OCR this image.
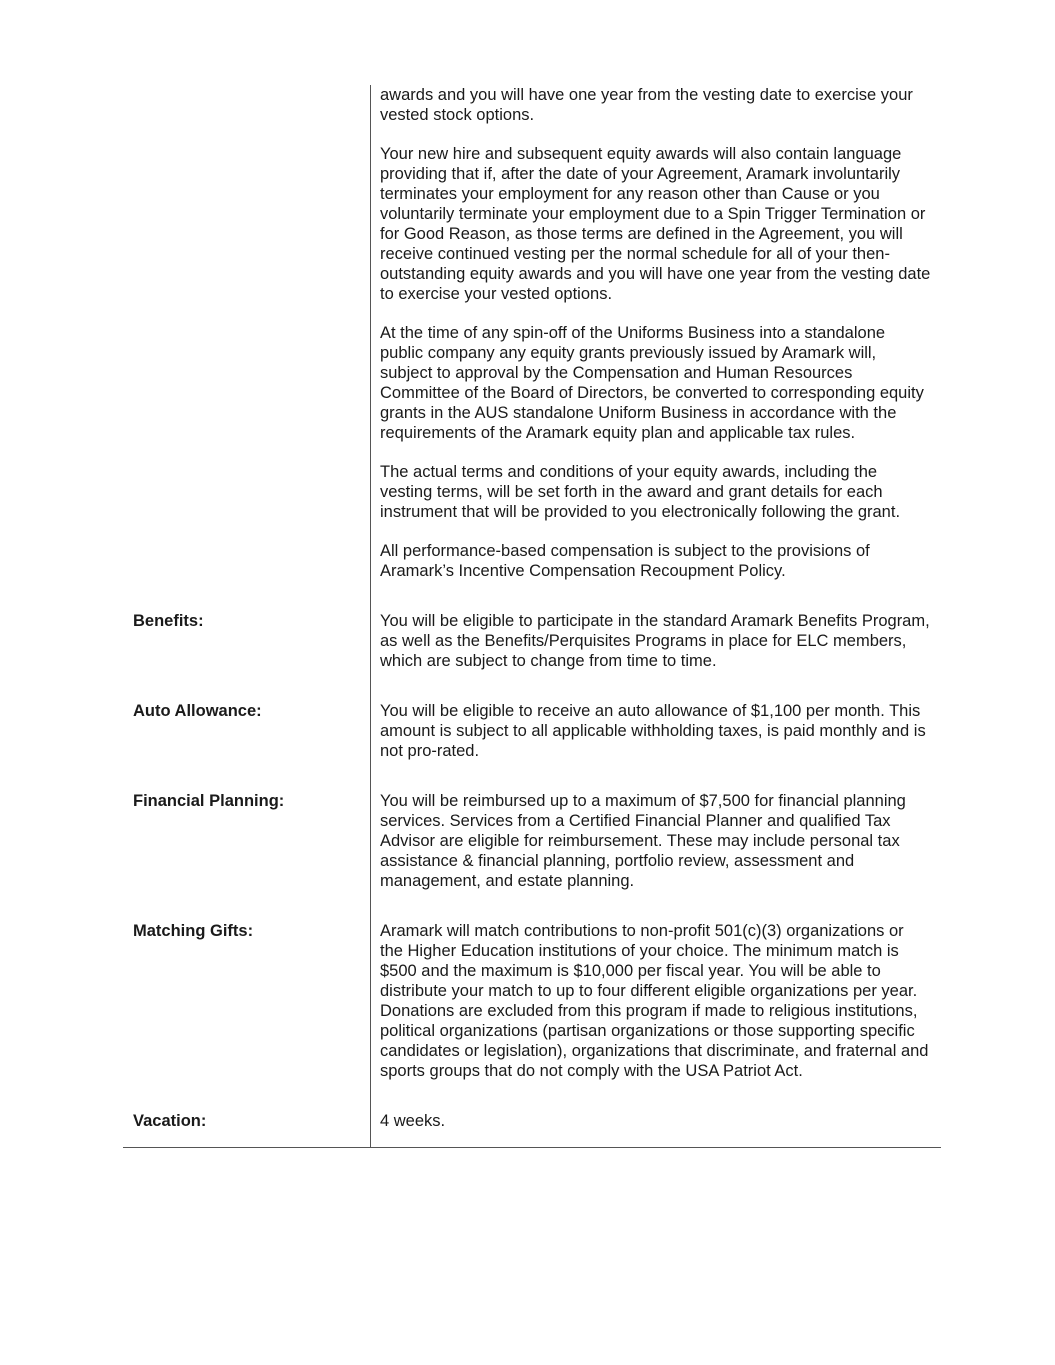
awards and you will have one year from the vesting date to exercise your vested stock options.

Your new hire and subsequent equity awards will also contain language providing that if, after the date of your Agreement, Aramark involuntarily terminates your employment for any reason other than Cause or you voluntarily terminate your employment due to a Spin Trigger Termination or for Good Reason, as those terms are defined in the Agreement, you will receive continued vesting per the normal schedule for all of your then-outstanding equity awards and you will have one year from the vesting date to exercise your vested options.

At the time of any spin-off of the Uniforms Business into a standalone public company any equity grants previously issued by Aramark will, subject to approval by the Compensation and Human Resources Committee of the Board of Directors, be converted to corresponding equity grants in the AUS standalone Uniform Business in accordance with the requirements of the Aramark equity plan and applicable tax rules.

The actual terms and conditions of your equity awards, including the vesting terms, will be set forth in the award and grant details for each instrument that will be provided to you electronically following the grant.

All performance-based compensation is subject to the provisions of Aramark’s Incentive Compensation Recoupment Policy.

Benefits:	You will be eligible to participate in the standard Aramark Benefits Program, as well as the Benefits/Perquisites Programs in place for ELC members, which are subject to change from time to time.
Auto Allowance:	You will be eligible to receive an auto allowance of $1,100 per month. This amount is subject to all applicable withholding taxes, is paid monthly and is not pro-rated.
Financial Planning:	You will be reimbursed up to a maximum of $7,500 for financial planning services. Services from a Certified Financial Planner and qualified Tax Advisor are eligible for reimbursement. These may include personal tax assistance & financial planning, portfolio review, assessment and management, and estate planning.
Matching Gifts:	Aramark will match contributions to non-profit 501(c)(3) organizations or the Higher Education institutions of your choice. The minimum match is $500 and the maximum is $10,000 per fiscal year. You will be able to distribute your match to up to four different eligible organizations per year. Donations are excluded from this program if made to religious institutions, political organizations (partisan organizations or those supporting specific candidates or legislation), organizations that discriminate, and fraternal and sports groups that do not comply with the USA Patriot Act.
Vacation:	4 weeks.
